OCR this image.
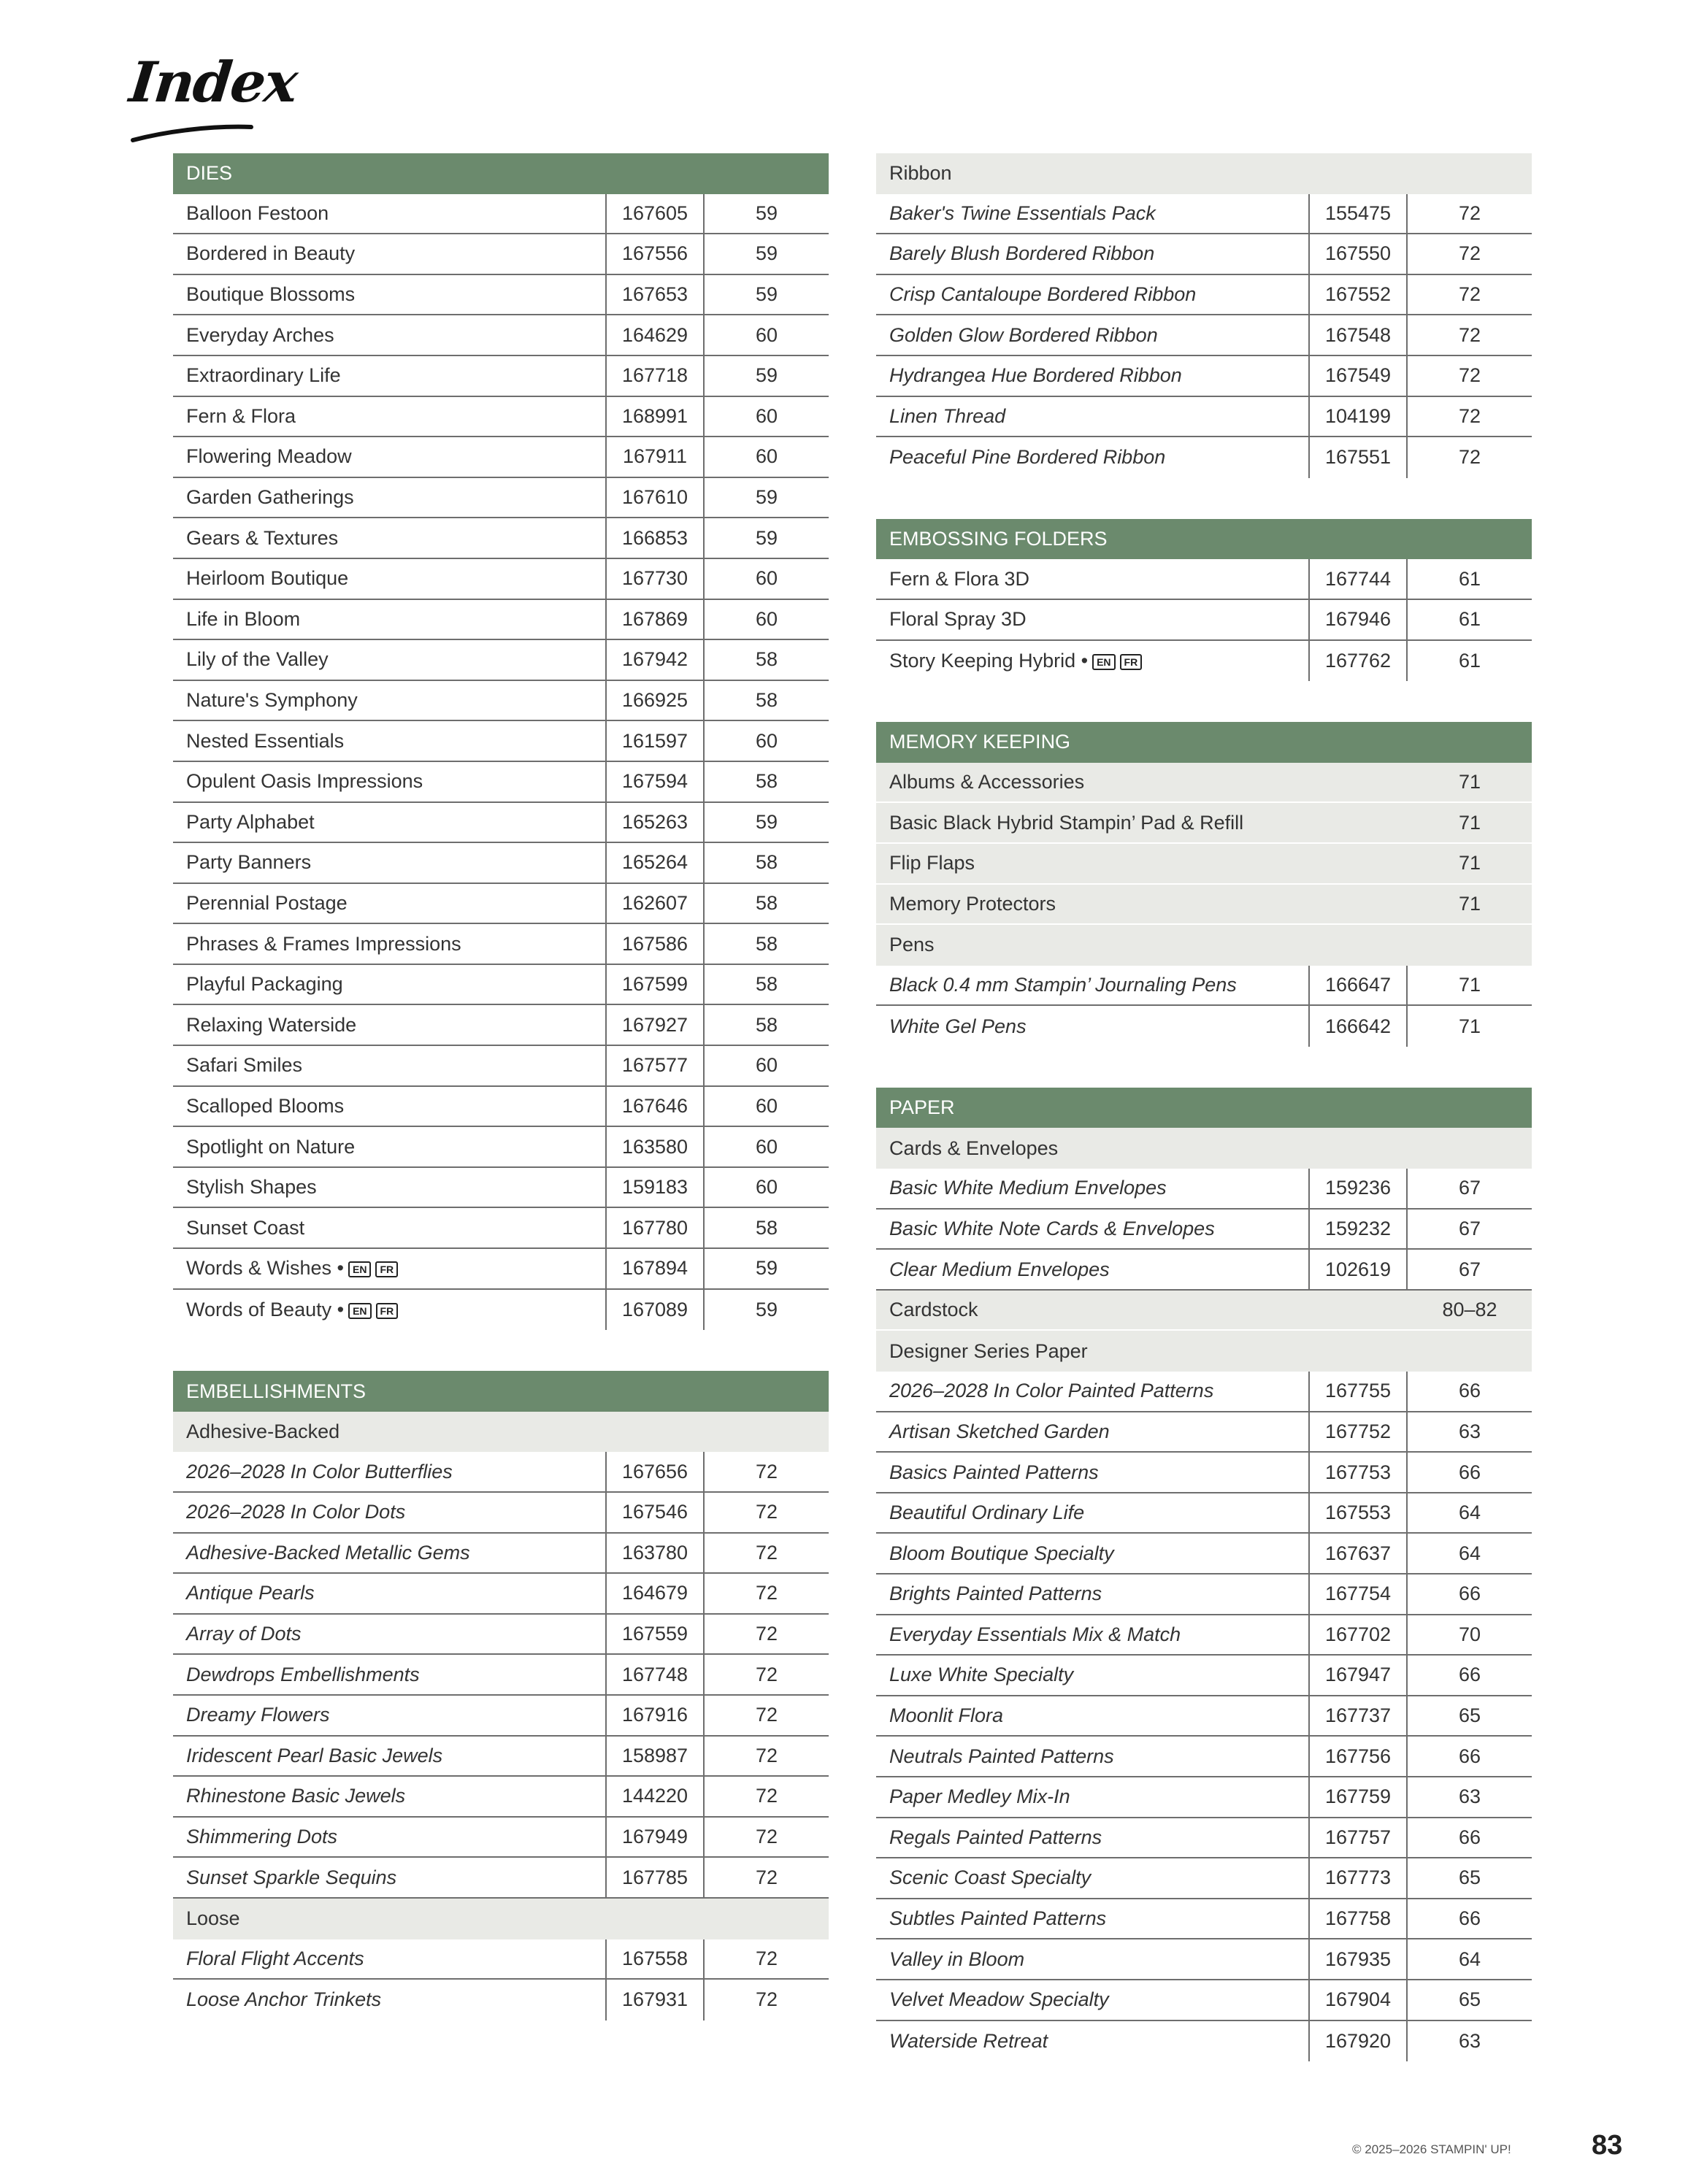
Index
DIES
Balloon Festoon	167605	59
Bordered in Beauty	167556	59
Boutique Blossoms	167653	59
Everyday Arches	164629	60
Extraordinary Life	167718	59
Fern & Flora	168991	60
Flowering Meadow	167911	60
Garden Gatherings	167610	59
Gears & Textures	166853	59
Heirloom Boutique	167730	60
Life in Bloom	167869	60
Lily of the Valley	167942	58
Nature's Symphony	166925	58
Nested Essentials	161597	60
Opulent Oasis Impressions	167594	58
Party Alphabet	165263	59
Party Banners	165264	58
Perennial Postage	162607	58
Phrases & Frames Impressions	167586	58
Playful Packaging	167599	58
Relaxing Waterside	167927	58
Safari Smiles	167577	60
Scalloped Blooms	167646	60
Spotlight on Nature	163580	60
Stylish Shapes	159183	60
Sunset Coast	167780	58
Words & Wishes • EN FR	167894	59
Words of Beauty • EN FR	167089	59
EMBELLISHMENTS
Adhesive-Backed
2026–2028 In Color Butterflies	167656	72
2026–2028 In Color Dots	167546	72
Adhesive-Backed Metallic Gems	163780	72
Antique Pearls	164679	72
Array of Dots	167559	72
Dewdrops Embellishments	167748	72
Dreamy Flowers	167916	72
Iridescent Pearl Basic Jewels	158987	72
Rhinestone Basic Jewels	144220	72
Shimmering Dots	167949	72
Sunset Sparkle Sequins	167785	72
Loose
Floral Flight Accents	167558	72
Loose Anchor Trinkets	167931	72
Ribbon
Baker's Twine Essentials Pack	155475	72
Barely Blush Bordered Ribbon	167550	72
Crisp Cantaloupe Bordered Ribbon	167552	72
Golden Glow Bordered Ribbon	167548	72
Hydrangea Hue Bordered Ribbon	167549	72
Linen Thread	104199	72
Peaceful Pine Bordered Ribbon	167551	72
EMBOSSING FOLDERS
Fern & Flora 3D	167744	61
Floral Spray 3D	167946	61
Story Keeping Hybrid • EN FR	167762	61
MEMORY KEEPING
Albums & Accessories	71
Basic Black Hybrid Stampin’ Pad & Refill	71
Flip Flaps	71
Memory Protectors	71
Pens
Black 0.4 mm Stampin’ Journaling Pens	166647	71
White Gel Pens	166642	71
PAPER
Cards & Envelopes
Basic White Medium Envelopes	159236	67
Basic White Note Cards & Envelopes	159232	67
Clear Medium Envelopes	102619	67
Cardstock	80–82
Designer Series Paper
2026–2028 In Color Painted Patterns	167755	66
Artisan Sketched Garden	167752	63
Basics Painted Patterns	167753	66
Beautiful Ordinary Life	167553	64
Bloom Boutique Specialty	167637	64
Brights Painted Patterns	167754	66
Everyday Essentials Mix & Match	167702	70
Luxe White Specialty	167947	66
Moonlit Flora	167737	65
Neutrals Painted Patterns	167756	66
Paper Medley Mix-In	167759	63
Regals Painted Patterns	167757	66
Scenic Coast Specialty	167773	65
Subtles Painted Patterns	167758	66
Valley in Bloom	167935	64
Velvet Meadow Specialty	167904	65
Waterside Retreat	167920	63
© 2025–2026 STAMPIN' UP!	83
